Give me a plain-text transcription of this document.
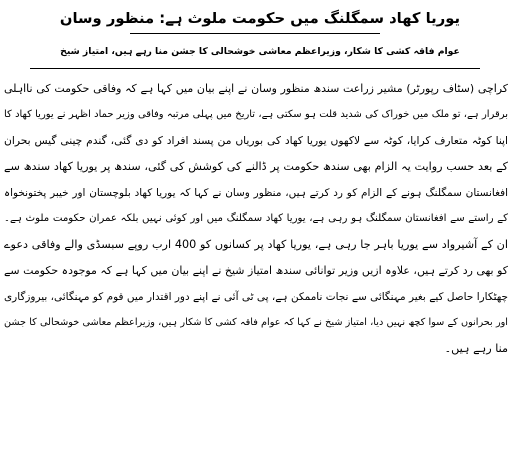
یوریا کھاد سمگلنگ میں حکومت ملوث ہے: منظور وسان
عوام فاقہ کشی کا شکار، وزیراعظم معاشی خوشحالی کا جشن منا رہے ہیں، امتیاز شیخ
کراچی (سٹاف رپورٹر) مشیر زراعت سندھ منظور وسان نے اپنے بیان میں کہا ہے کہ وفاقی حکومت کی نااہلی
برقرار ہے، تو ملک میں خوراک کی شدید قلت ہو سکتی ہے، تاریخ میں پہلی مرتبہ وفاقی وزیر حماد اظہر نے یوریا کھاد کا
اپنا کوٹہ متعارف کرایا، کوٹہ سے لاکھوں یوریا کھاد کی بوریاں من پسند افراد کو دی گئی، گندم چینی گیس بحران
کے بعد حسب روایت یہ الزام بھی سندھ حکومت پر ڈالنے کی کوشش کی گئی، سندھ پر یوریا کھاد سندھ سے
افغانستان سمگلنگ ہونے کے الزام کو رد کرتے ہیں، منظور وسان نے کہا کہ یوریا کھاد بلوچستان اور خیبر پختونخواہ
کے راستے سے افغانستان سمگلنگ ہو رہی ہے، یوریا کھاد سمگلنگ میں اور کوئی نہیں بلکہ عمران حکومت ملوث ہے۔
ان کے آشیرواد سے یوریا باہر جا رہی ہے، یوریا کھاد پر کسانوں کو 400 ارب روپے سبسڈی والے وفاقی دعوے
کو بھی رد کرتے ہیں، علاوہ ازیں وزیر توانائی سندھ امتیاز شیخ نے اپنے بیان میں کہا ہے کہ موجودہ حکومت سے
چھٹکارا حاصل کیے بغیر مہنگائی سے نجات ناممکن ہے، پی ٹی آئی نے اپنے دور اقتدار میں قوم کو مہنگائی، بیروزگاری
اور بحرانوں کے سوا کچھ نہیں دیا، امتیاز شیخ نے کہا کہ عوام فاقہ کشی کا شکار ہیں، وزیراعظم معاشی خوشحالی کا جشن
منا رہے ہیں۔
